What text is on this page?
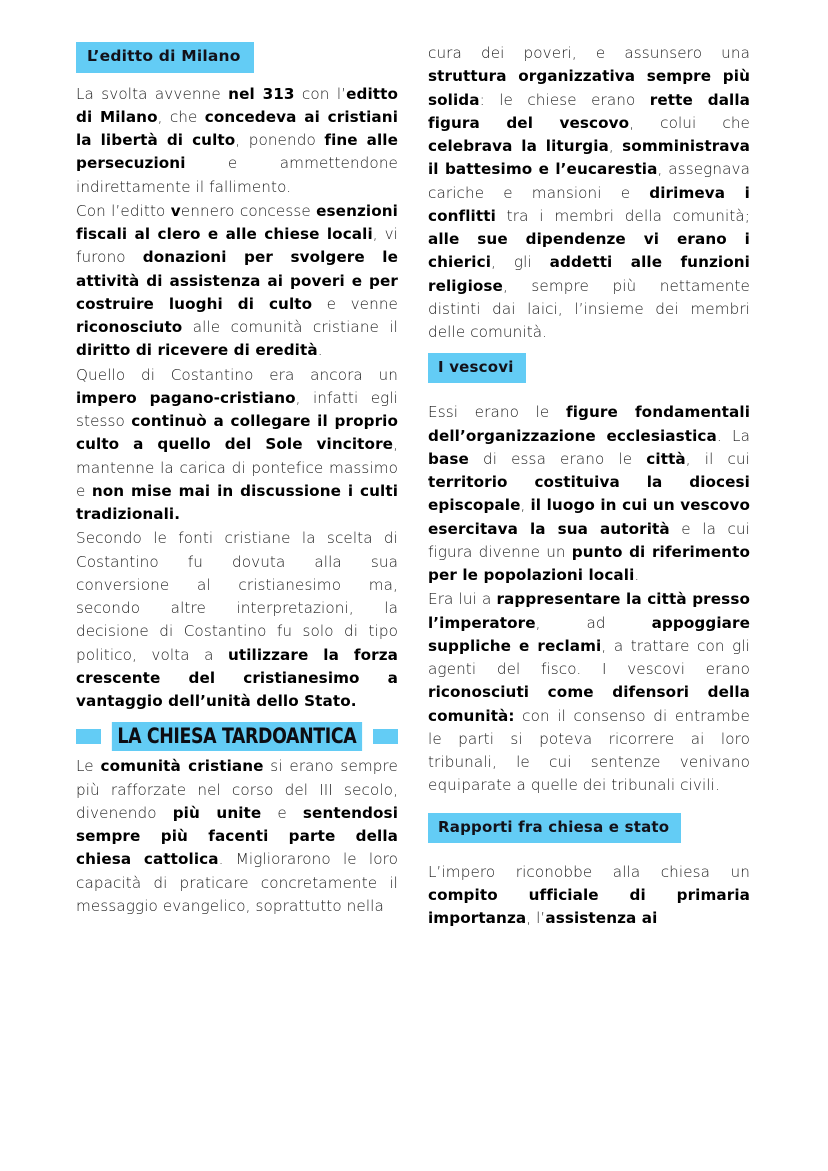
L’editto di Milano

La svolta avvenne nel 313 con l’editto di Milano, che concedeva ai cristiani la libertà di culto, ponendo fine alle persecuzioni e ammettendone indirettamente il fallimento.

Con l’editto vennero concesse esenzioni fiscali al clero e alle chiese locali, vi furono donazioni per svolgere le attività di assistenza ai poveri e per costruire luoghi di culto e venne riconosciuto alle comunità cristiane il diritto di ricevere di eredità.

Quello di Costantino era ancora un impero pagano-cristiano, infatti egli stesso continuò a collegare il proprio culto a quello del Sole vincitore, mantenne la carica di pontefice massimo e non mise mai in discussione i culti tradizionali.

Secondo le fonti cristiane la scelta di Costantino fu dovuta alla sua conversione al cristianesimo ma, secondo altre interpretazioni, la decisione di Costantino fu solo di tipo politico, volta a utilizzare la forza crescente del cristianesimo a vantaggio dell’unità dello Stato.

LA CHIESA TARDOANTICA

Le comunità cristiane si erano sempre più rafforzate nel corso del III secolo, divenendo più unite e sentendosi sempre più facenti parte della chiesa cattolica. Migliorarono le loro capacità di praticare concretamente il messaggio evangelico, soprattutto nella

cura dei poveri, e assunsero una struttura organizzativa sempre più solida: le chiese erano rette dalla figura del vescovo, colui che celebrava la liturgia, somministrava il battesimo e l’eucarestia, assegnava cariche e mansioni e dirimeva i conflitti tra i membri della comunità; alle sue dipendenze vi erano i chierici, gli addetti alle funzioni religiose, sempre più nettamente distinti dai laici, l’insieme dei membri delle comunità.

I vescovi

Essi erano le figure fondamentali dell’organizzazione ecclesiastica. La base di essa erano le città, il cui territorio costituiva la diocesi episcopale, il luogo in cui un vescovo esercitava la sua autorità e la cui figura divenne un punto di riferimento per le popolazioni locali.

Era lui a rappresentare la città presso l’imperatore, ad appoggiare suppliche e reclami, a trattare con gli agenti del fisco. I vescovi erano riconosciuti come difensori della comunità: con il consenso di entrambe le parti si poteva ricorrere ai loro tribunali, le cui sentenze venivano equiparate a quelle dei tribunali civili.

Rapporti fra chiesa e stato

L’impero riconobbe alla chiesa un compito ufficiale di primaria importanza, l’assistenza ai
